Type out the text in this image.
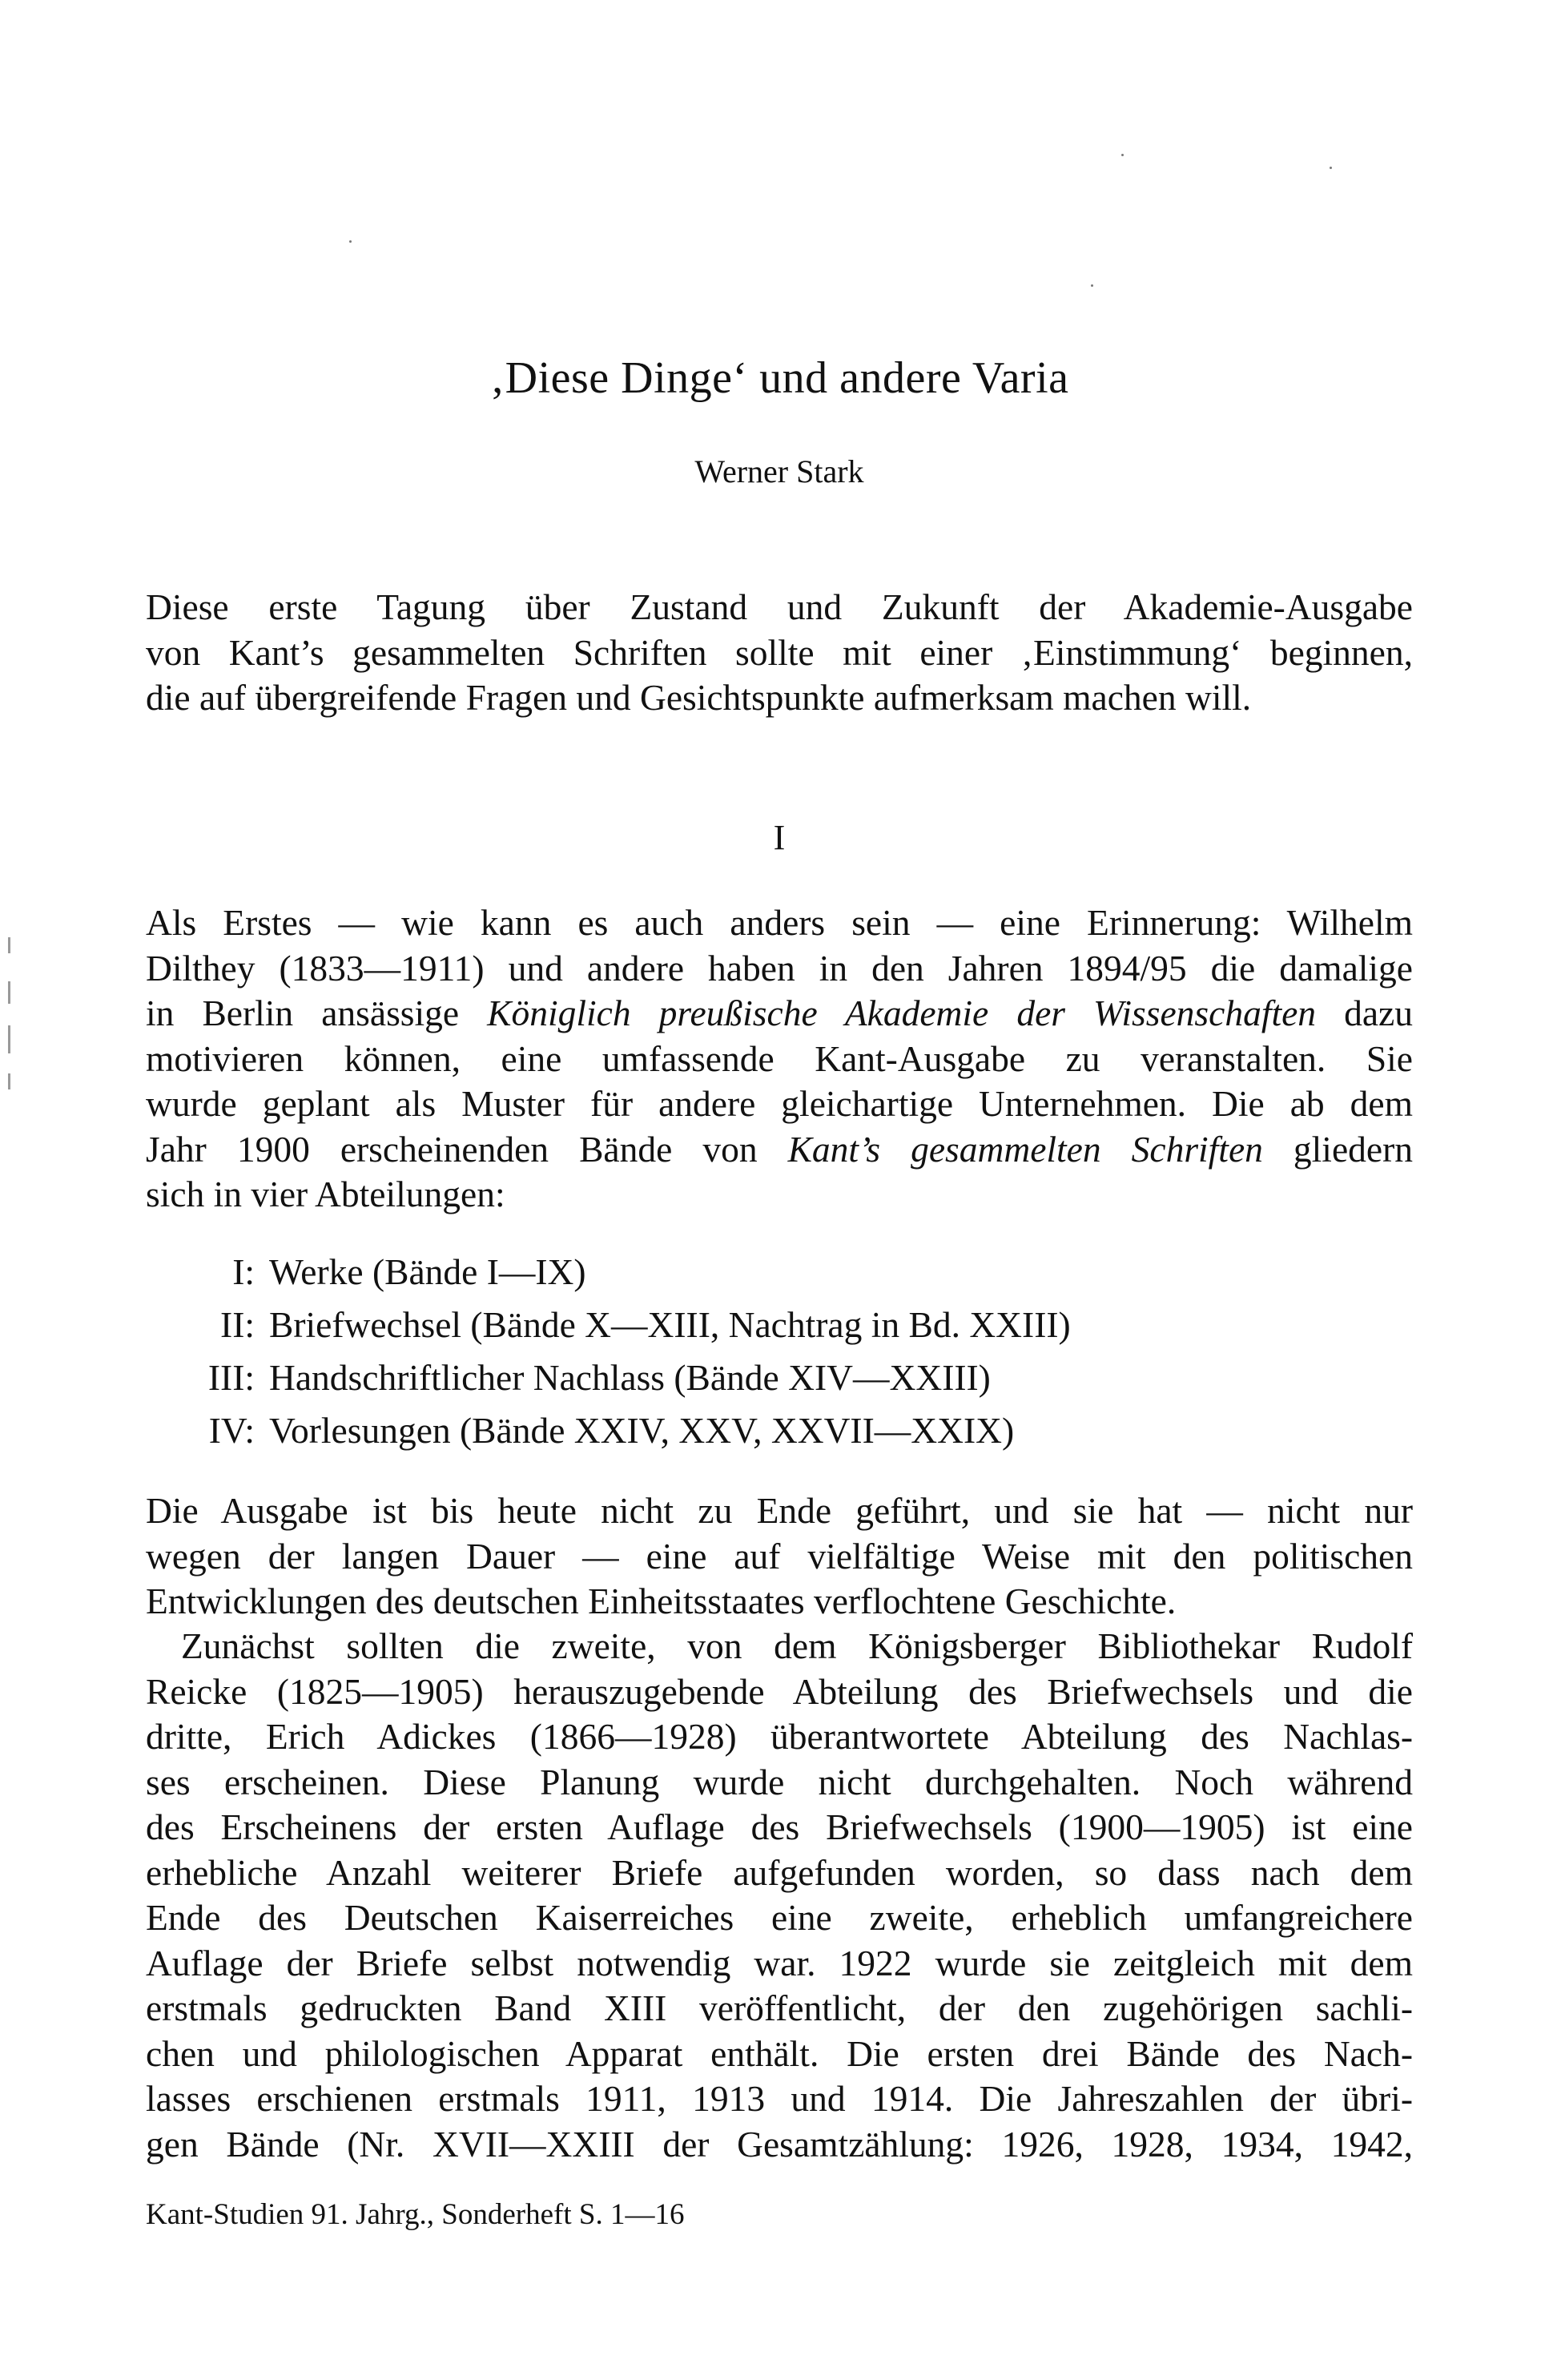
‚Diese Dinge‘ und andere Varia
Werner Stark
Diese erste Tagung über Zustand und Zukunft der Akademie-Ausgabe
von Kant’s gesammelten Schriften sollte mit einer ‚Einstimmung‘ beginnen,
die auf übergreifende Fragen und Gesichtspunkte aufmerksam machen will.
I
Als Erstes — wie kann es auch anders sein — eine Erinnerung: Wilhelm
Dilthey (1833—1911) und andere haben in den Jahren 1894/95 die damalige
in Berlin ansässige Königlich preußische Akademie der Wissenschaften dazu
motivieren können, eine umfassende Kant-Ausgabe zu veranstalten. Sie
wurde geplant als Muster für andere gleichartige Unternehmen. Die ab dem
Jahr 1900 erscheinenden Bände von Kant’s gesammelten Schriften gliedern
sich in vier Abteilungen:
I: Werke (Bände I—IX)
II: Briefwechsel (Bände X—XIII, Nachtrag in Bd. XXIII)
III: Handschriftlicher Nachlass (Bände XIV—XXIII)
IV: Vorlesungen (Bände XXIV, XXV, XXVII—XXIX)
Die Ausgabe ist bis heute nicht zu Ende geführt, und sie hat — nicht nur
wegen der langen Dauer — eine auf vielfältige Weise mit den politischen
Entwicklungen des deutschen Einheitsstaates verflochtene Geschichte.
Zunächst sollten die zweite, von dem Königsberger Bibliothekar Rudolf
Reicke (1825—1905) herauszugebende Abteilung des Briefwechsels und die
dritte, Erich Adickes (1866—1928) überantwortete Abteilung des Nachlas-
ses erscheinen. Diese Planung wurde nicht durchgehalten. Noch während
des Erscheinens der ersten Auflage des Briefwechsels (1900—1905) ist eine
erhebliche Anzahl weiterer Briefe aufgefunden worden, so dass nach dem
Ende des Deutschen Kaiserreiches eine zweite, erheblich umfangreichere
Auflage der Briefe selbst notwendig war. 1922 wurde sie zeitgleich mit dem
erstmals gedruckten Band XIII veröffentlicht, der den zugehörigen sachli-
chen und philologischen Apparat enthält. Die ersten drei Bände des Nach-
lasses erschienen erstmals 1911, 1913 und 1914. Die Jahreszahlen der übri-
gen Bände (Nr. XVII—XXIII der Gesamtzählung: 1926, 1928, 1934, 1942,
Kant-Studien 91. Jahrg., Sonderheft S. 1—16
